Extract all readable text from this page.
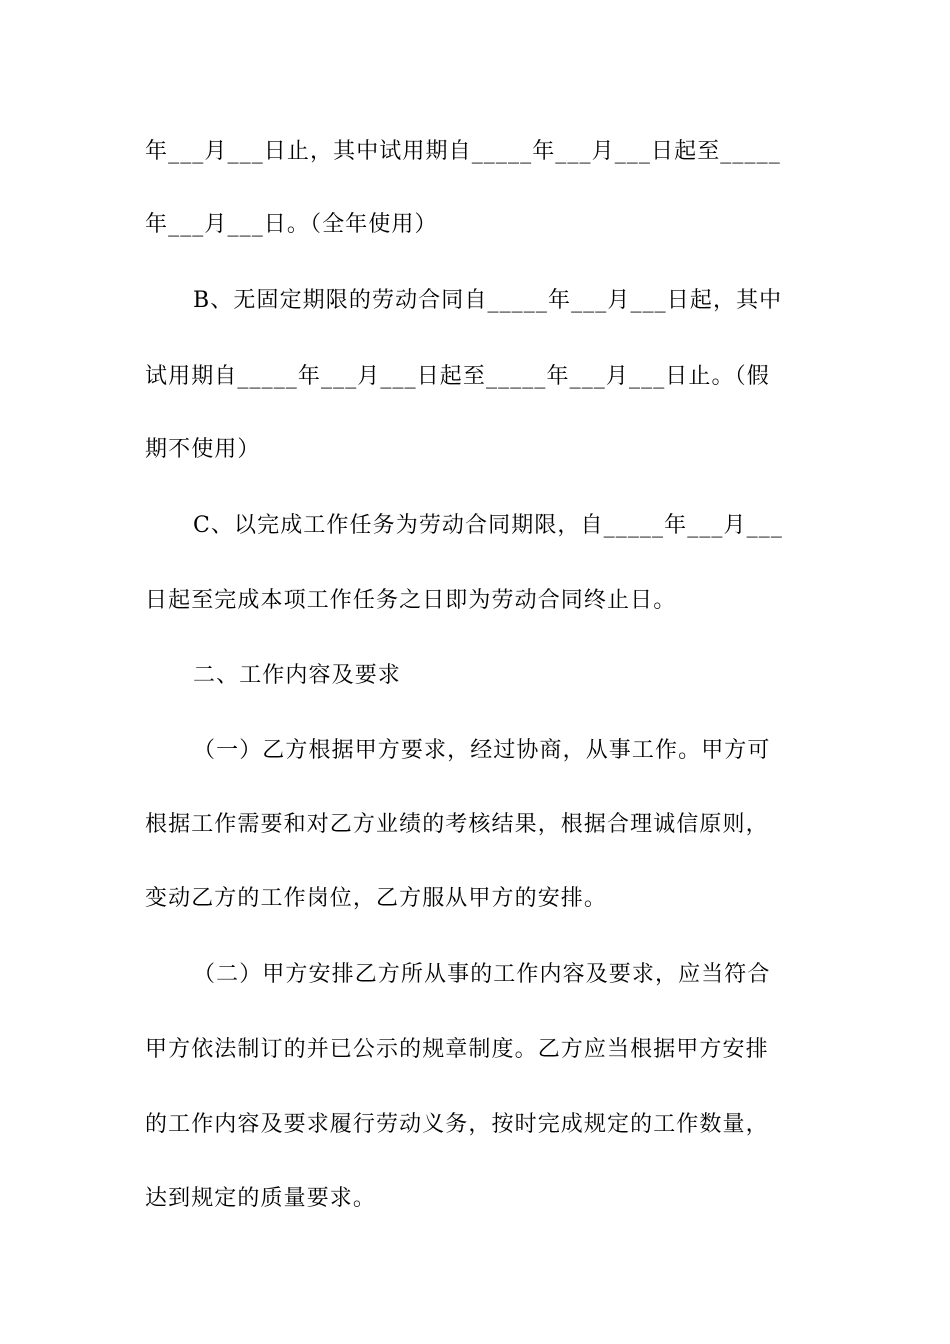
年___月___日止，其中试用期自_____年___月___日起至_____
年___月___日。（全年使用）
B、无固定期限的劳动合同自_____年___月___日起，其中
试用期自_____年___月___日起至_____年___月___日止。（假
期不使用）
C、以完成工作任务为劳动合同期限，自_____年___月___
日起至完成本项工作任务之日即为劳动合同终止日。
二、工作内容及要求
（一）乙方根据甲方要求，经过协商，从事工作。甲方可
根据工作需要和对乙方业绩的考核结果，根据合理诚信原则，
变动乙方的工作岗位，乙方服从甲方的安排。
（二）甲方安排乙方所从事的工作内容及要求，应当符合
甲方依法制订的并已公示的规章制度。乙方应当根据甲方安排
的工作内容及要求履行劳动义务，按时完成规定的工作数量，
达到规定的质量要求。
